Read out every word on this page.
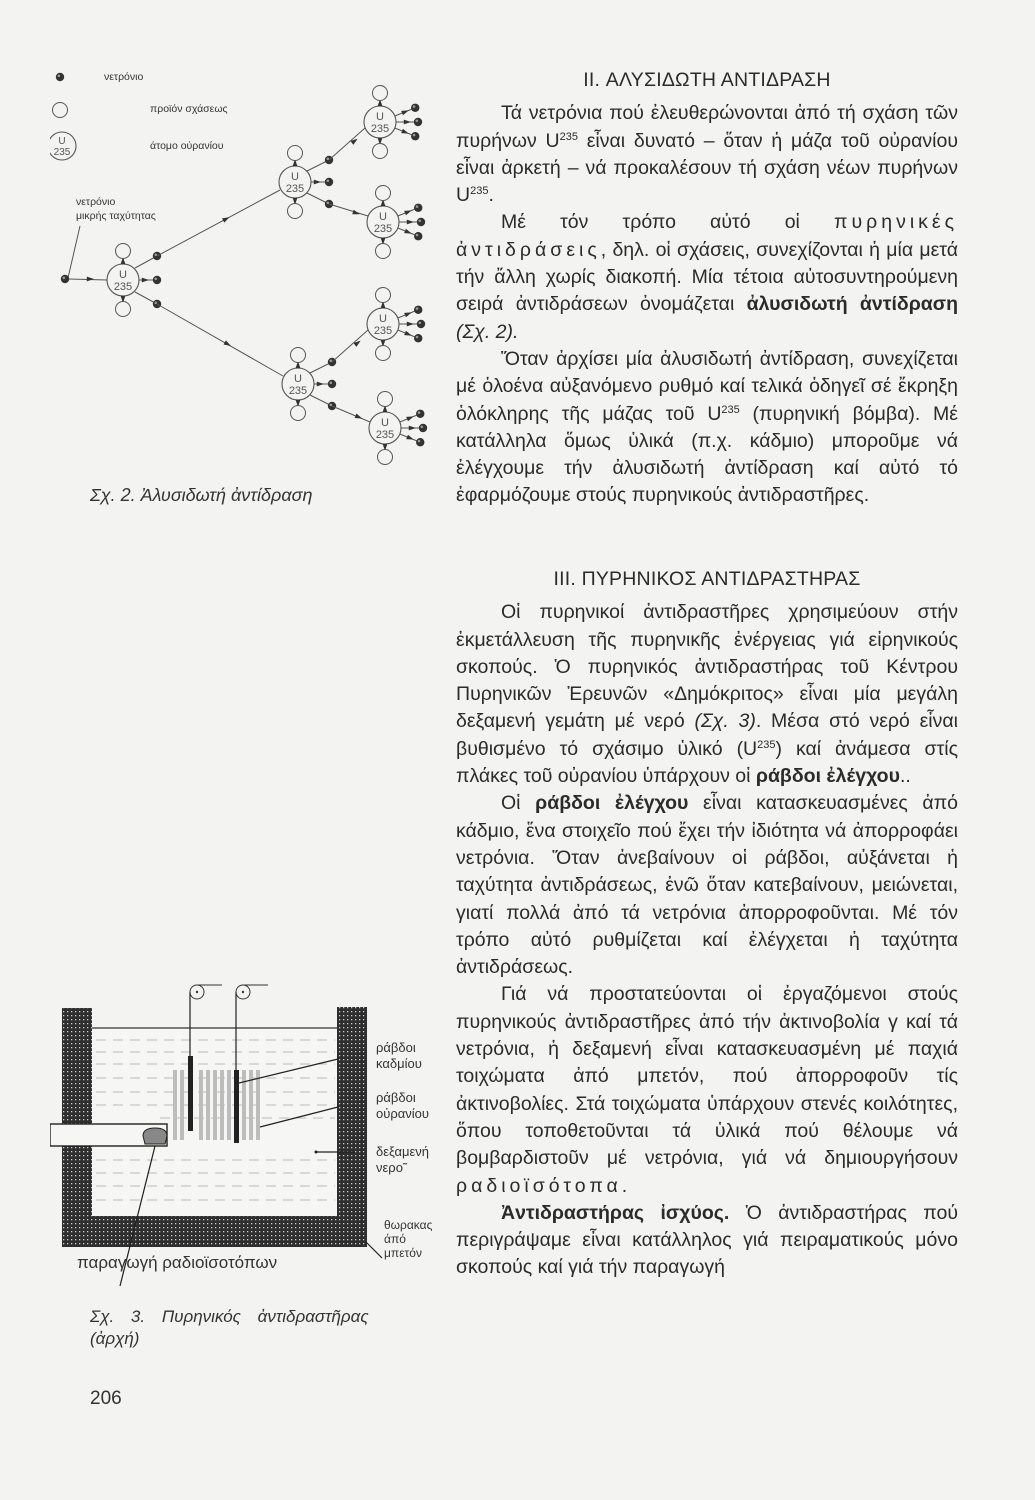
U
235
U
235
U
235
U
235
U
235
U
235
U
235
U
235
νετρόνιο
προϊόν σχάσεως
άτομο ούρανίου
νετρόνιο
μικρής ταχύτητας
Σχ. 2. Ἀλυσιδωτή ἀντίδραση
ράβδοι
καδμίου
ράβδοι
οὐρανίου
δεξαμενή
νερο̃
θωρακας
άπό
μπετόν
παραγωγή ραδιοϊσοτόπων
Σχ. 3. Πυρηνικός ἀντιδραστῆρας
(ἀρχή)
206

II. ΑΛΥΣΙΔΩΤΗ ΑΝΤΙΔΡΑΣΗ

Τά νετρόνια πού ἐλευθερώνονται ἀπό τή σχάση τῶν πυρήνων $U^{235}$ εἶναι δυνατό – ὅταν ἡ μάζα τοῦ οὐρανίου εἶναι ἀρκετή – νά προκαλέσουν τή σχάση νέων πυρήνων $U^{235}$.

Μέ τόν τρόπο αὐτό οἱ πυρηνικές ἀντιδράσεις, δηλ. οἱ σχάσεις, συνεχίζονται ἡ μία μετά τήν ἄλλη χωρίς διακοπή. Μία τέτοια αὐτοσυντηρούμενη σειρά ἀντιδράσεων ὀνομάζεται ἀλυσιδωτή ἀντίδραση (Σχ. 2).

Ὅταν ἀρχίσει μία ἀλυσιδωτή ἀντίδραση, συνεχίζεται μέ ὁλοένα αὐξανόμενο ρυθμό καί τελικά ὁδηγεῖ σέ ἔκρηξη ὁλόκληρης τῆς μάζας τοῦ $U^{235}$ (πυρηνική βόμβα). Μέ κατάλληλα ὅμως ὑλικά (π.χ. κάδμιο) μποροῦμε νά ἐλέγχουμε τήν ἀλυσιδωτή ἀντίδραση καί αὐτό τό ἐφαρμόζουμε στούς πυρηνικούς ἀντιδραστῆρες.

III. ΠΥΡΗΝΙΚΟΣ ΑΝΤΙΔΡΑΣΤΗΡΑΣ

Οἱ πυρηνικοί ἀντιδραστῆρες χρησιμεύουν στήν ἐκμετάλλευση τῆς πυρηνικῆς ἐνέργειας γιά εἰρηνικούς σκοπούς. Ὁ πυρηνικός ἀντιδραστήρας τοῦ Κέντρου Πυρηνικῶν Ἐρευνῶν «Δημόκριτος» εἶναι μία μεγάλη δεξαμενή γεμάτη μέ νερό (Σχ. 3). Μέσα στό νερό εἶναι βυθισμένο τό σχάσιμο ὑλικό $(U^{235})$ καί ἀνάμεσα στίς πλάκες τοῦ οὐρανίου ὑπάρχουν οἱ ράβδοι ἐλέγχου..

Οἱ ράβδοι ἐλέγχου εἶναι κατασκευασμένες ἀπό κάδμιο, ἕνα στοιχεῖο πού ἔχει τήν ἰδιότητα νά ἀπορροφάει νετρόνια. Ὅταν ἀνεβαίνουν οἱ ράβδοι, αὐξάνεται ἡ ταχύτητα ἀντιδράσεως, ἐνῶ ὅταν κατεβαίνουν, μειώνεται, γιατί πολλά ἀπό τά νετρόνια ἀπορροφοῦνται. Μέ τόν τρόπο αὐτό ρυθμίζεται καί ἐλέγχεται ἡ ταχύτητα ἀντιδράσεως.

Γιά νά προστατεύονται οἱ ἐργαζόμενοι στούς πυρηνικούς ἀντιδραστῆρες ἀπό τήν ἀκτινοβολία γ καί τά νετρόνια, ἡ δεξαμενή εἶναι κατασκευασμένη μέ παχιά τοιχώματα ἀπό μπετόν, πού ἀπορροφοῦν τίς ἀκτινοβολίες. Στά τοιχώματα ὑπάρχουν στενές κοιλότητες, ὅπου τοποθετοῦνται τά ὑλικά πού θέλουμε νά βομβαρδιστοῦν μέ νετρόνια, γιά νά δημιουργήσουν ραδιοϊσότοπα.

Ἀντιδραστήρας ἰσχύος. Ὁ ἀντιδραστήρας πού περιγράψαμε εἶναι κατάλληλος γιά πειραματικούς μόνο σκοπούς καί γιά τήν παραγωγή
